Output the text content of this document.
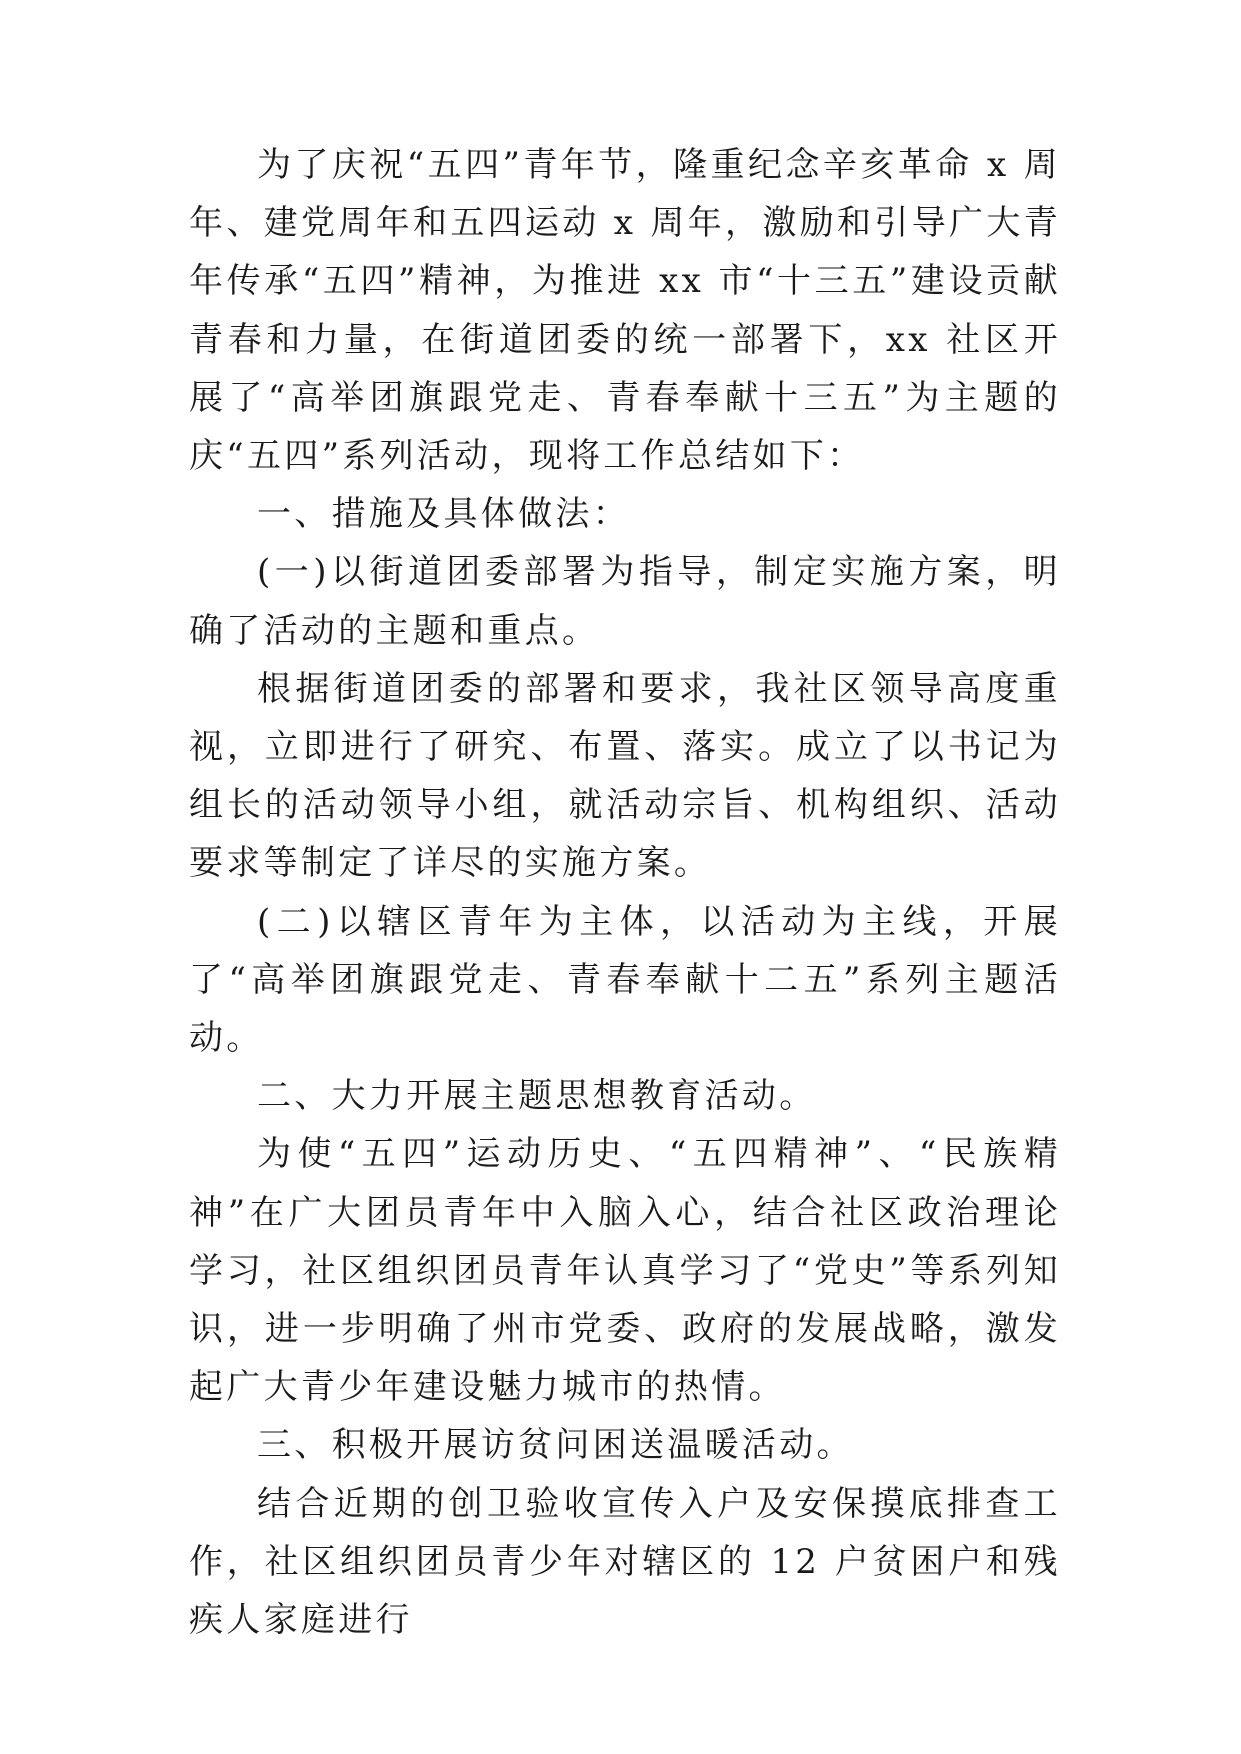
为了庆祝“五四”青年节，隆重纪念辛亥革命 x 周年、建党周年和五四运动 x 周年，激励和引导广大青年传承“五四”精神，为推进 xx 市“十三五”建设贡献青春和力量，在街道团委的统一部署下，xx 社区开展了“高举团旗跟党走、青春奉献十三五”为主题的庆“五四”系列活动，现将工作总结如下：

一、措施及具体做法：

(一)以街道团委部署为指导，制定实施方案，明确了活动的主题和重点。

根据街道团委的部署和要求，我社区领导高度重视，立即进行了研究、布置、落实。成立了以书记为组长的活动领导小组，就活动宗旨、机构组织、活动要求等制定了详尽的实施方案。

(二)以辖区青年为主体，以活动为主线，开展了“高举团旗跟党走、青春奉献十二五”系列主题活动。

二、大力开展主题思想教育活动。

为使“五四”运动历史、“五四精神”、“民族精神”在广大团员青年中入脑入心，结合社区政治理论学习，社区组织团员青年认真学习了“党史”等系列知识，进一步明确了州市党委、政府的发展战略，激发起广大青少年建设魅力城市的热情。

三、积极开展访贫问困送温暖活动。

结合近期的创卫验收宣传入户及安保摸底排查工作，社区组织团员青少年对辖区的 12 户贫困户和残疾人家庭进行
